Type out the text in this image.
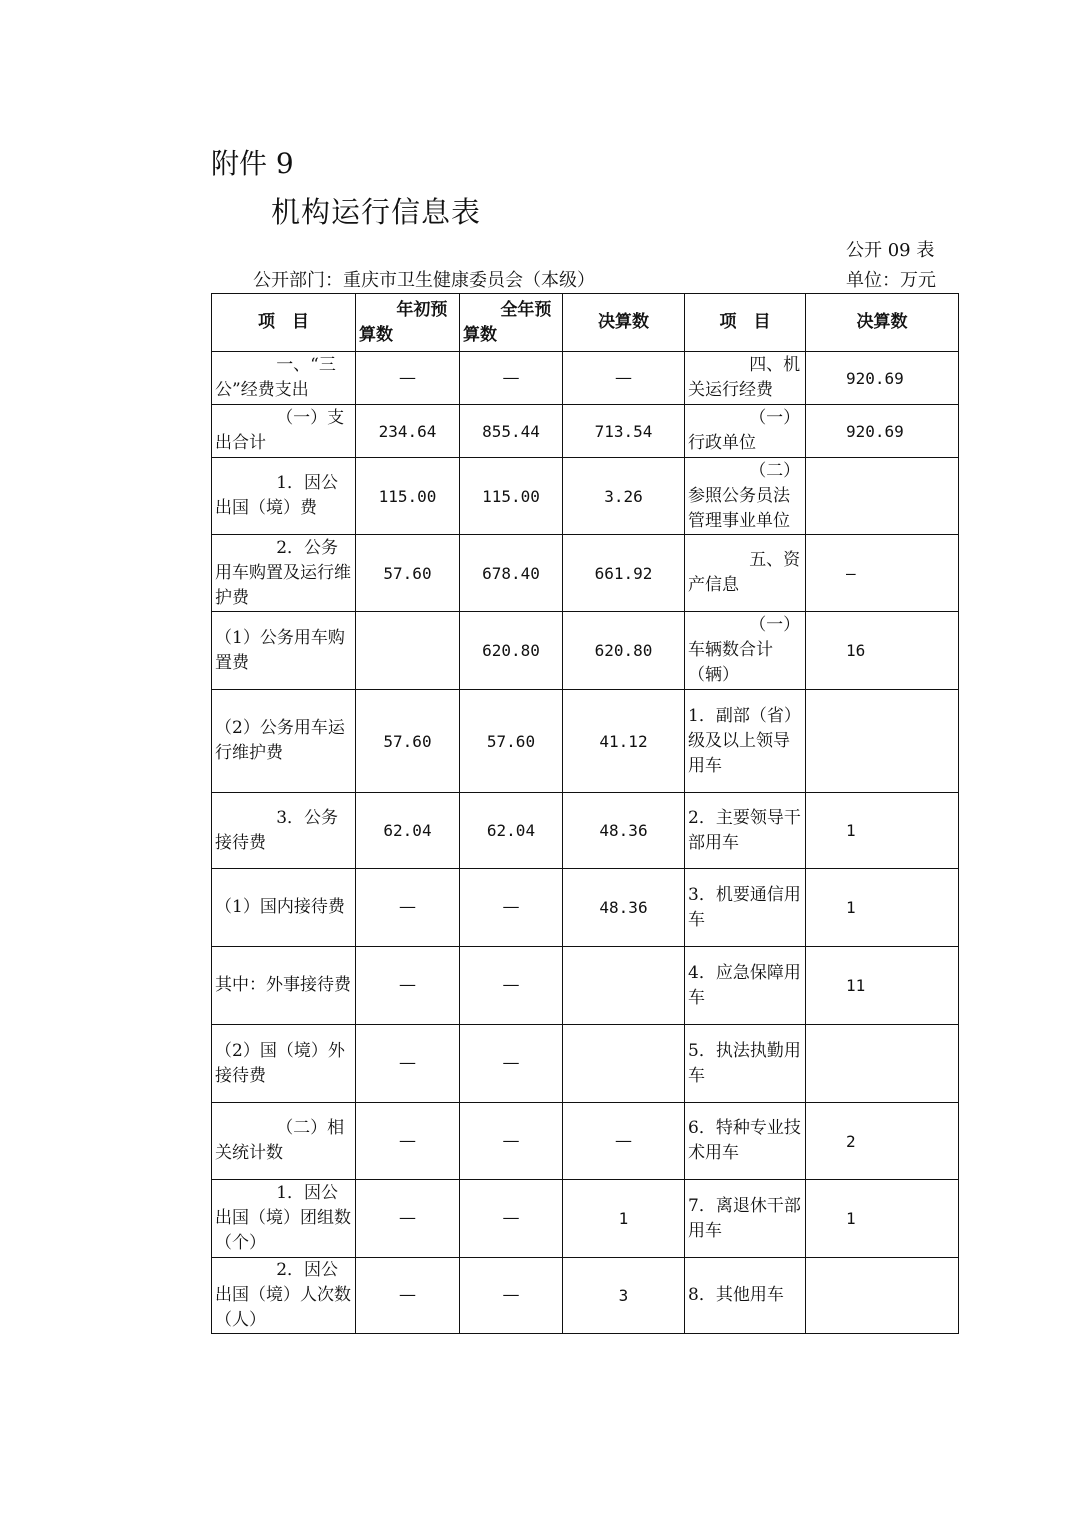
附件 9
机构运行信息表
公开 09 表
公开部门：重庆市卫生健康委员会（本级）	单位：万元
项　目	年初预算数	全年预算数	决算数	项　目	决算数
一、“三公”经费支出	—	—	—	四、机关运行经费	920.69
（一）支出合计	234.64	855.44	713.54	（一）行政单位	920.69
1．因公出国（境）费	115.00	115.00	3.26	（二）参照公务员法管理事业单位	
2．公务用车购置及运行维护费	57.60	678.40	661.92	五、资产信息	—
（1）公务用车购置费		620.80	620.80	（一）车辆数合计（辆）	16
（2）公务用车运行维护费	57.60	57.60	41.12	1．副部（省）级及以上领导用车	
3．公务接待费	62.04	62.04	48.36	2．主要领导干部用车	1
（1）国内接待费	—	—	48.36	3．机要通信用车	1
其中：外事接待费	—	—		4．应急保障用车	11
（2）国（境）外接待费	—	—		5．执法执勤用车	
（二）相关统计数	—	—	—	6．特种专业技术用车	2
1．因公出国（境）团组数（个）	—	—	1	7．离退休干部用车	1
2．因公出国（境）人次数（人）	—	—	3	8．其他用车	
